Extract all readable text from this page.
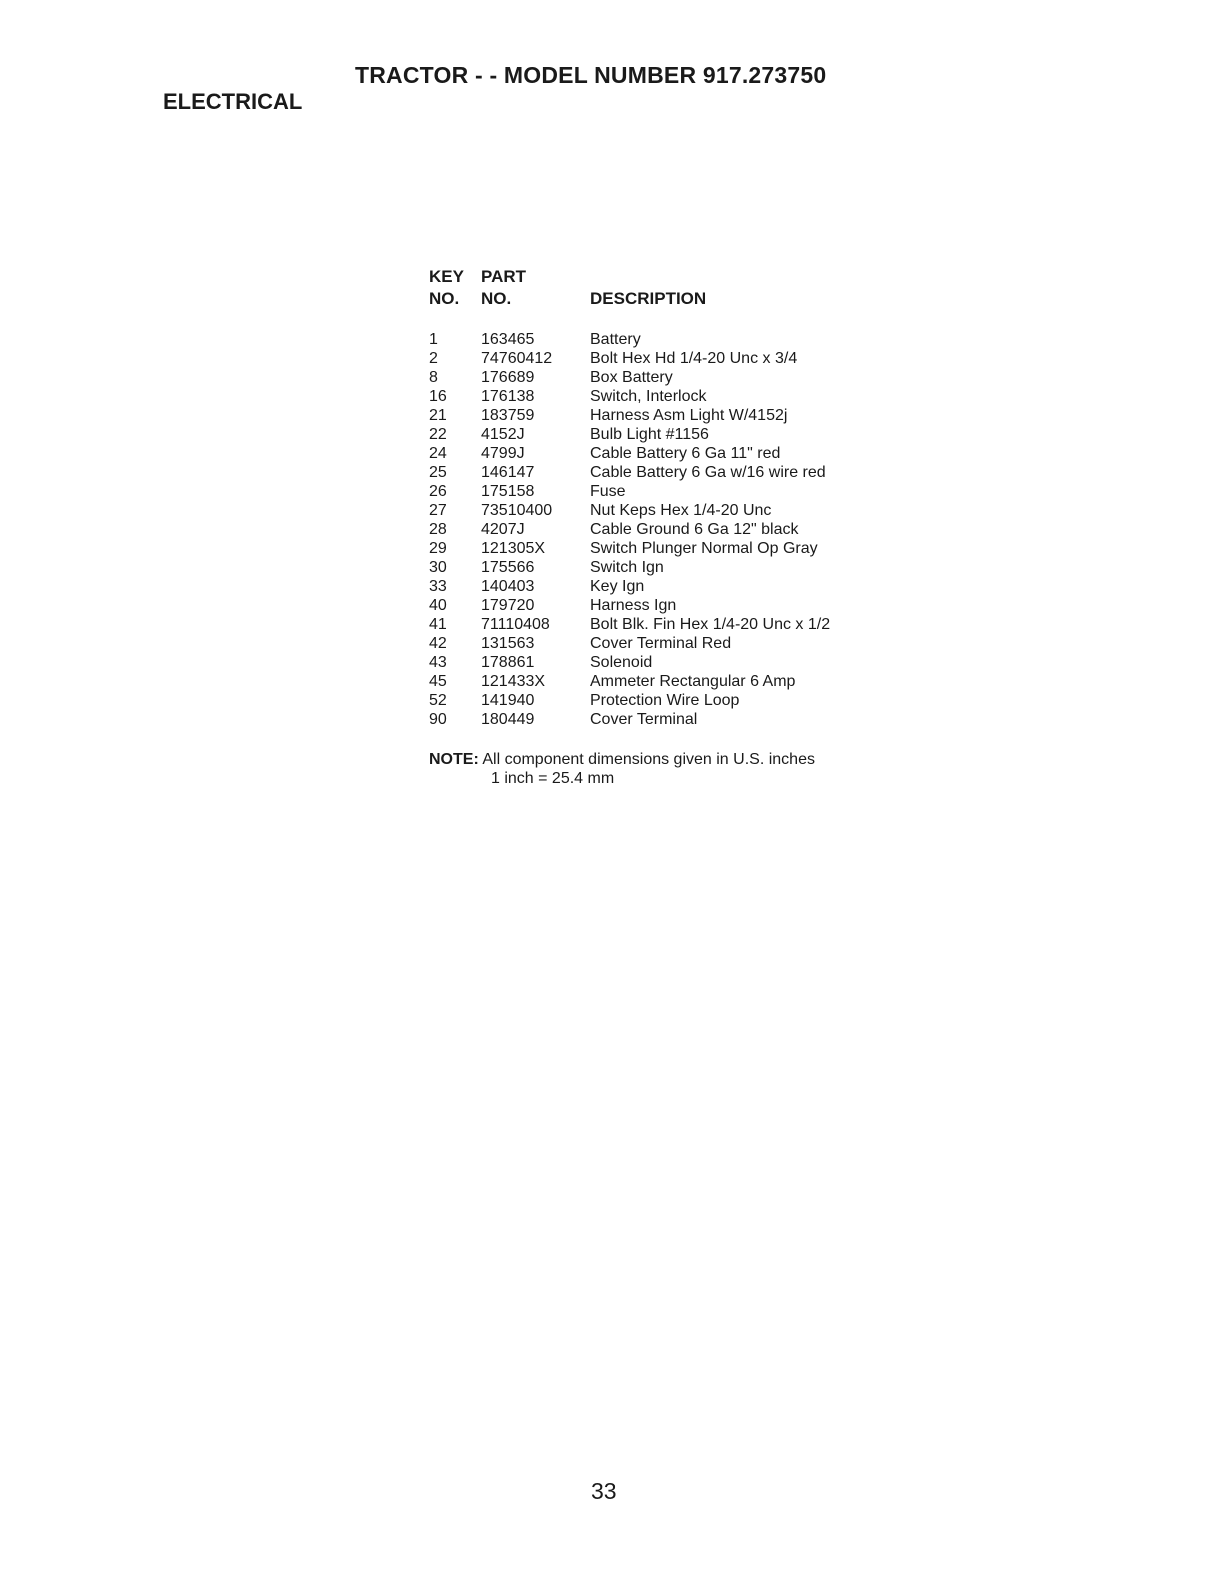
TRACTOR - - MODEL NUMBER 917.273750
ELECTRICAL
KEY
NO.
PART
NO.	DESCRIPTION
1	163465	Battery
2	74760412 Bolt Hex Hd 1/4-20 Unc x 3/4
8	176689	Box Battery
16 176138	Switch, Interlock
21 183759	Harness Asm Light W/4152j
22 4152J	Bulb Light #1156
24 4799J	Cable Battery 6 Ga 11" red
25 146147	Cable Battery 6 Ga w/16 wire red
26 175158	Fuse
27 73510400 Nut Keps Hex 1/4-20 Unc
28 4207J	Cable Ground 6 Ga 12" black
29 121305X	Switch Plunger Normal Op Gray
30 175566	Switch Ign
33 140403	Key Ign
40 179720	Harness Ign
41 71110408	Bolt Blk. Fin Hex 1/4-20 Unc x 1/2
42 131563	Cover Terminal Red
43 178861	Solenoid
45 121433X	Ammeter Rectangular 6 Amp
52 141940	Protection Wire Loop
90 180449	Cover Terminal
NOTE: All component dimensions given in U.S. inches
1 inch = 25.4 mm
33
